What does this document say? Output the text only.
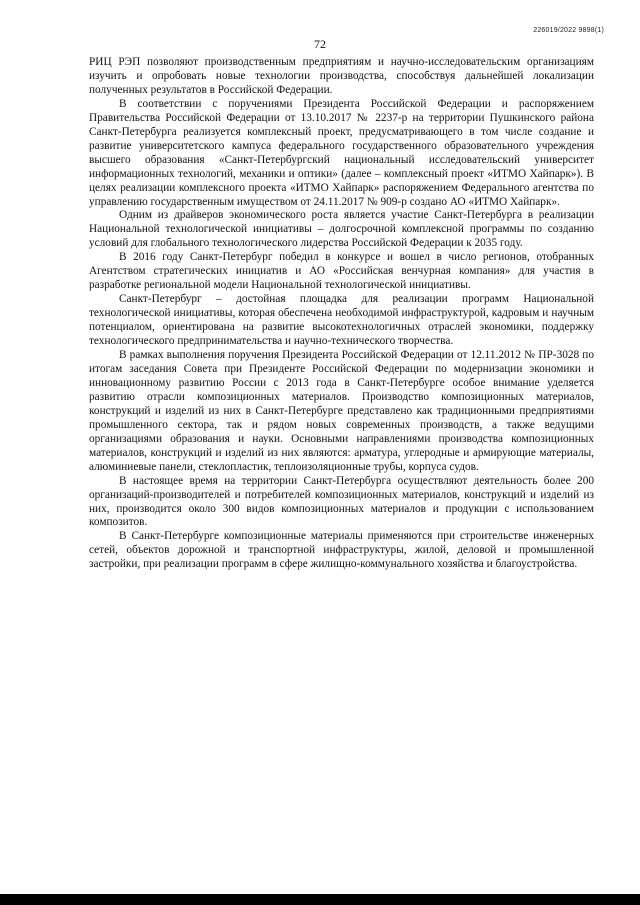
226019/2022 9898(1)
72

РИЦ РЭП позволяют производственным предприятиям и научно-исследовательским организациям изучить и опробовать новые технологии производства, способствуя дальнейшей локализации полученных результатов в Российской Федерации.

В соответствии с поручениями Президента Российской Федерации и распоряжением Правительства Российской Федерации от 13.10.2017 № 2237-р на территории Пушкинского района Санкт-Петербурга реализуется комплексный проект, предусматривающего в том числе создание и развитие университетского кампуса федерального государственного образовательного учреждения высшего образования «Санкт-Петербургский национальный исследовательский университет информационных технологий, механики и оптики» (далее – комплексный проект «ИТМО Хайпарк»). В целях реализации комплексного проекта «ИТМО Хайпарк» распоряжением Федерального агентства по управлению государственным имуществом от 24.11.2017 № 909-р создано АО «ИТМО Хайпарк».

Одним из драйверов экономического роста является участие Санкт-Петербурга в реализации Национальной технологической инициативы – долгосрочной комплексной программы по созданию условий для глобального технологического лидерства Российской Федерации к 2035 году.

В 2016 году Санкт-Петербург победил в конкурсе и вошел в число регионов, отобранных Агентством стратегических инициатив и АО «Российская венчурная компания» для участия в разработке региональной модели Национальной технологической инициативы.

Санкт-Петербург – достойная площадка для реализации программ Национальной технологической инициативы, которая обеспечена необходимой инфраструктурой, кадровым и научным потенциалом, ориентирована на развитие высокотехнологичных отраслей экономики, поддержку технологического предпринимательства и научно-технического творчества.

В рамках выполнения поручения Президента Российской Федерации от 12.11.2012 № ПР-3028 по итогам заседания Совета при Президенте Российской Федерации по модернизации экономики и инновационному развитию России с 2013 года в Санкт-Петербурге особое внимание уделяется развитию отрасли композиционных материалов. Производство композиционных материалов, конструкций и изделий из них в Санкт-Петербурге представлено как традиционными предприятиями промышленного сектора, так и рядом новых современных производств, а также ведущими организациями образования и науки. Основными направлениями производства композиционных материалов, конструкций и изделий из них являются: арматура, углеродные и армирующие материалы, алюминиевые панели, стеклопластик, теплоизоляционные трубы, корпуса судов.

В настоящее время на территории Санкт-Петербурга осуществляют деятельность более 200 организаций-производителей и потребителей композиционных материалов, конструкций и изделий из них, производится около 300 видов композиционных материалов и продукции с использованием композитов.

В Санкт-Петербурге композиционные материалы применяются при строительстве инженерных сетей, объектов дорожной и транспортной инфраструктуры, жилой, деловой и промышленной застройки, при реализации программ в сфере жилищно-коммунального хозяйства и благоустройства.
